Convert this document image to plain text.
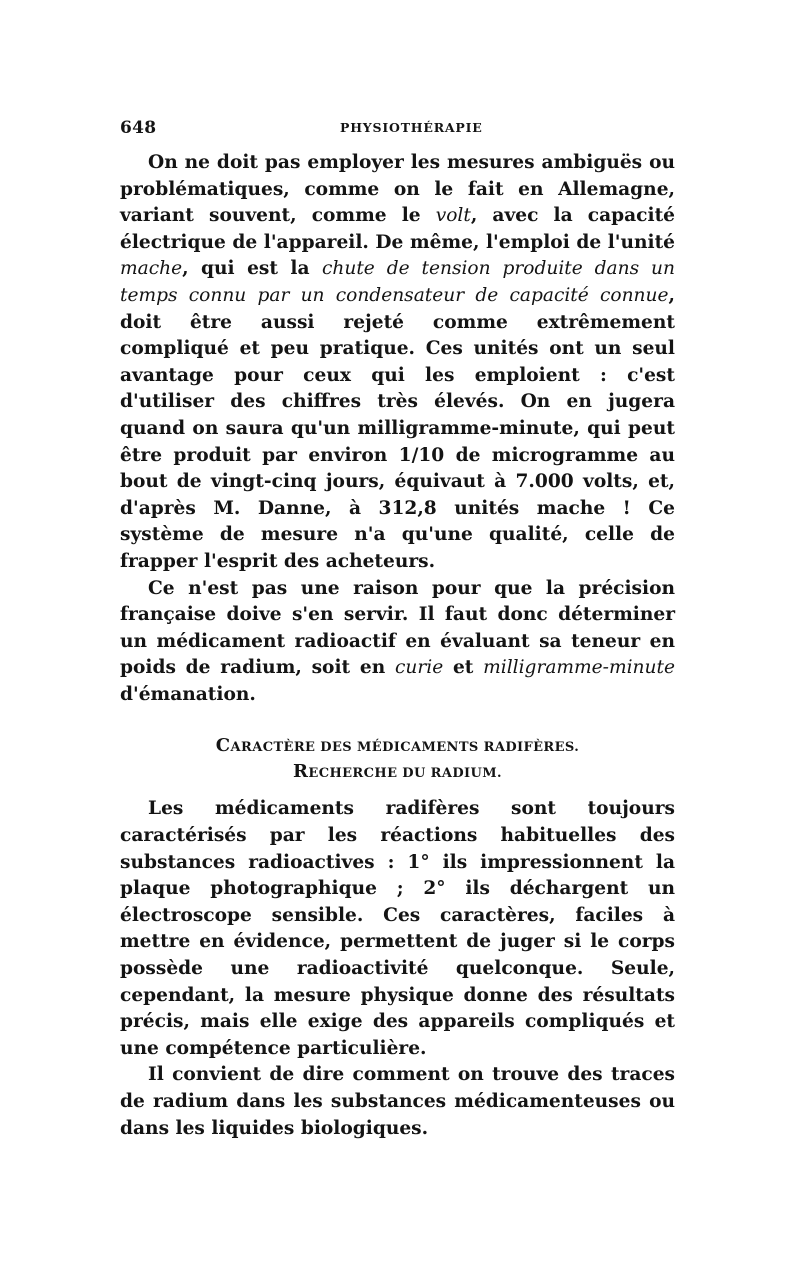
648	PHYSIOTHÉRAPIE

On ne doit pas employer les mesures ambiguës ou problématiques, comme on le fait en Allemagne, variant souvent, comme le volt, avec la capacité électrique de l'appareil. De même, l'emploi de l'unité mache, qui est la chute de tension produite dans un temps connu par un condensateur de capacité connue, doit être aussi rejeté comme extrêmement compliqué et peu pratique. Ces unités ont un seul avantage pour ceux qui les emploient : c'est d'utiliser des chiffres très élevés. On en jugera quand on saura qu'un milligramme-minute, qui peut être produit par environ 1/10 de microgramme au bout de vingt-cinq jours, équivaut à 7.000 volts, et, d'après M. Danne, à 312,8 unités mache ! Ce système de mesure n'a qu'une qualité, celle de frapper l'esprit des acheteurs.

Ce n'est pas une raison pour que la précision française doive s'en servir. Il faut donc déterminer un médicament radioactif en évaluant sa teneur en poids de radium, soit en curie et milligramme-minute d'émanation.

CARACTÈRE DES MÉDICAMENTS RADIFÈRES.
RECHERCHE DU RADIUM.

Les médicaments radifères sont toujours caractérisés par les réactions habituelles des substances radioactives : 1° ils impressionnent la plaque photographique ; 2° ils déchargent un électroscope sensible. Ces caractères, faciles à mettre en évidence, permettent de juger si le corps possède une radioactivité quelconque. Seule, cependant, la mesure physique donne des résultats précis, mais elle exige des appareils compliqués et une compétence particulière.

Il convient de dire comment on trouve des traces de radium dans les substances médicamenteuses ou dans les liquides biologiques.
